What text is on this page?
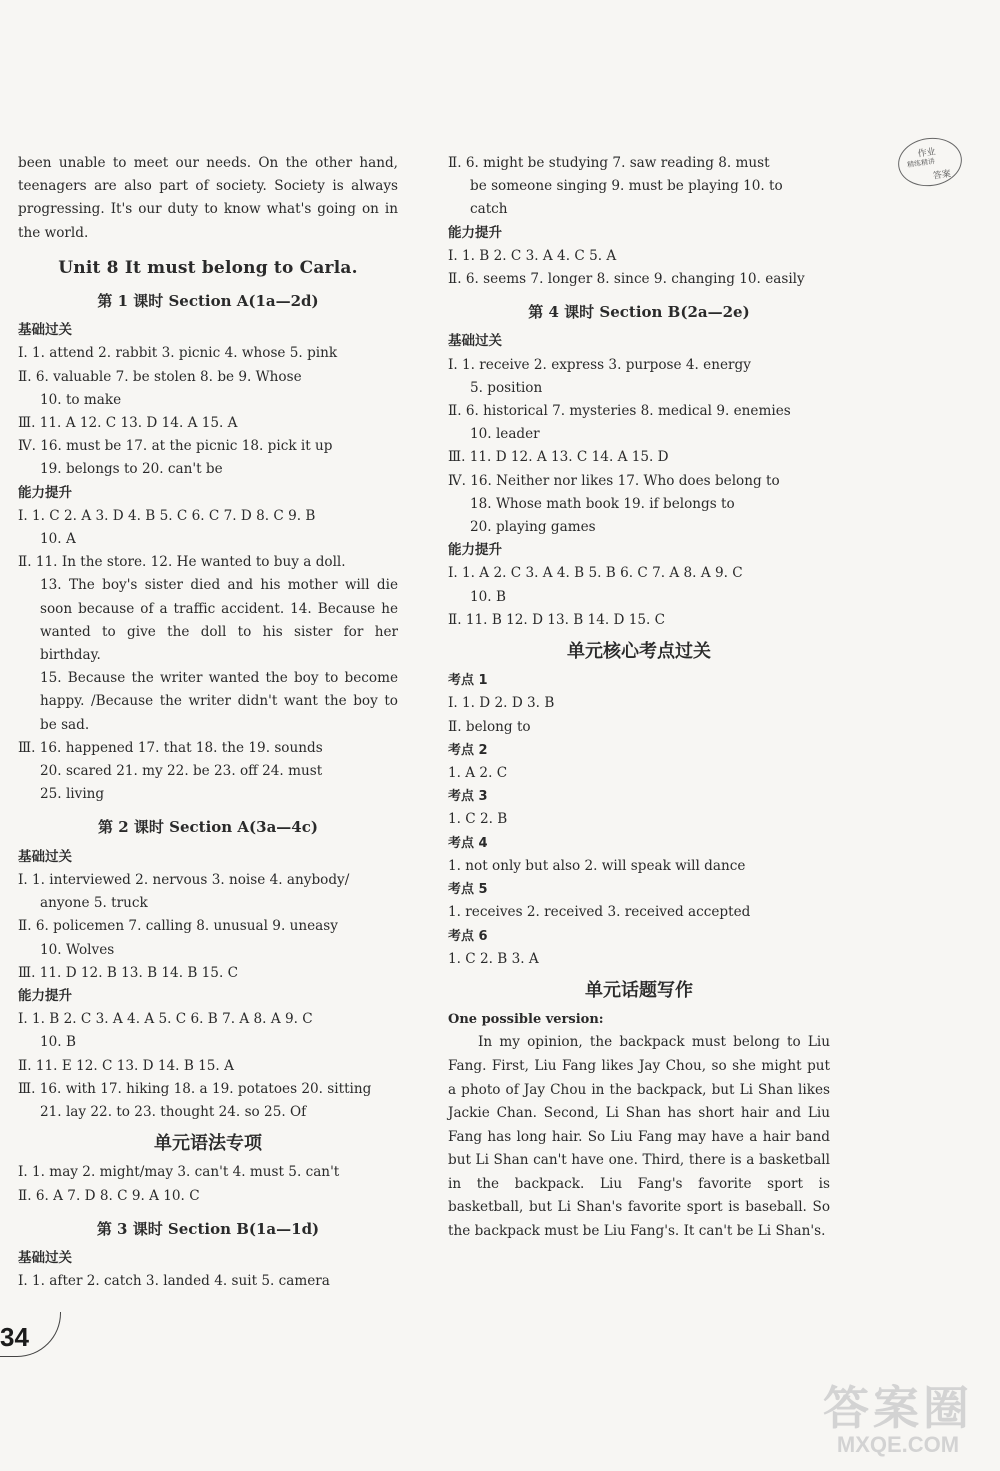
作业
精练精讲
答案
been unable to meet our needs. On the other hand, teenagers are also part of society. Society is always progressing. It's our duty to know what's going on in the world.
Unit 8 It must belong to Carla.
第 1 课时 Section A(1a—2d)
基础过关
Ⅰ. 1. attend 2. rabbit 3. picnic 4. whose 5. pink
Ⅱ. 6. valuable 7. be stolen 8. be 9. Whose
10. to make
Ⅲ. 11. A 12. C 13. D 14. A 15. A
Ⅳ. 16. must be 17. at the picnic 18. pick it up
19. belongs to 20. can't be
能力提升
Ⅰ. 1. C 2. A 3. D 4. B 5. C 6. C 7. D 8. C 9. B
10. A
Ⅱ. 11. In the store. 12. He wanted to buy a doll.
13. The boy's sister died and his mother will die soon because of a traffic accident. 14. Because he wanted to give the doll to his sister for her birthday.
15. Because the writer wanted the boy to become happy. /Because the writer didn't want the boy to be sad.
Ⅲ. 16. happened 17. that 18. the 19. sounds
20. scared 21. my 22. be 23. off 24. must
25. living
第 2 课时 Section A(3a—4c)
基础过关
Ⅰ. 1. interviewed 2. nervous 3. noise 4. anybody/
anyone 5. truck
Ⅱ. 6. policemen 7. calling 8. unusual 9. uneasy
10. Wolves
Ⅲ. 11. D 12. B 13. B 14. B 15. C
能力提升
Ⅰ. 1. B 2. C 3. A 4. A 5. C 6. B 7. A 8. A 9. C
10. B
Ⅱ. 11. E 12. C 13. D 14. B 15. A
Ⅲ. 16. with 17. hiking 18. a 19. potatoes 20. sitting
21. lay 22. to 23. thought 24. so 25. Of
单元语法专项
Ⅰ. 1. may 2. might/may 3. can't 4. must 5. can't
Ⅱ. 6. A 7. D 8. C 9. A 10. C
第 3 课时 Section B(1a—1d)
基础过关
Ⅰ. 1. after 2. catch 3. landed 4. suit 5. camera
Ⅱ. 6. might be studying 7. saw reading 8. must
be someone singing 9. must be playing 10. to
catch
能力提升
Ⅰ. 1. B 2. C 3. A 4. C 5. A
Ⅱ. 6. seems 7. longer 8. since 9. changing 10. easily
第 4 课时 Section B(2a—2e)
基础过关
Ⅰ. 1. receive 2. express 3. purpose 4. energy
5. position
Ⅱ. 6. historical 7. mysteries 8. medical 9. enemies
10. leader
Ⅲ. 11. D 12. A 13. C 14. A 15. D
Ⅳ. 16. Neither nor likes 17. Who does belong to
18. Whose math book 19. if belongs to
20. playing games
能力提升
Ⅰ. 1. A 2. C 3. A 4. B 5. B 6. C 7. A 8. A 9. C
10. B
Ⅱ. 11. B 12. D 13. B 14. D 15. C
单元核心考点过关
考点 1
Ⅰ. 1. D 2. D 3. B
Ⅱ. belong to
考点 2
1. A 2. C
考点 3
1. C 2. B
考点 4
1. not only but also 2. will speak will dance
考点 5
1. receives 2. received 3. received accepted
考点 6
1. C 2. B 3. A
单元话题写作
One possible version:
In my opinion, the backpack must belong to Liu Fang. First, Liu Fang likes Jay Chou, so she might put a photo of Jay Chou in the backpack, but Li Shan likes Jackie Chan. Second, Li Shan has short hair and Liu Fang has long hair. So Liu Fang may have a hair band but Li Shan can't have one. Third, there is a basketball in the backpack. Liu Fang's favorite sport is basketball, but Li Shan's favorite sport is baseball. So the backpack must be Liu Fang's. It can't be Li Shan's.
34
答案圈
MXQE.COM
